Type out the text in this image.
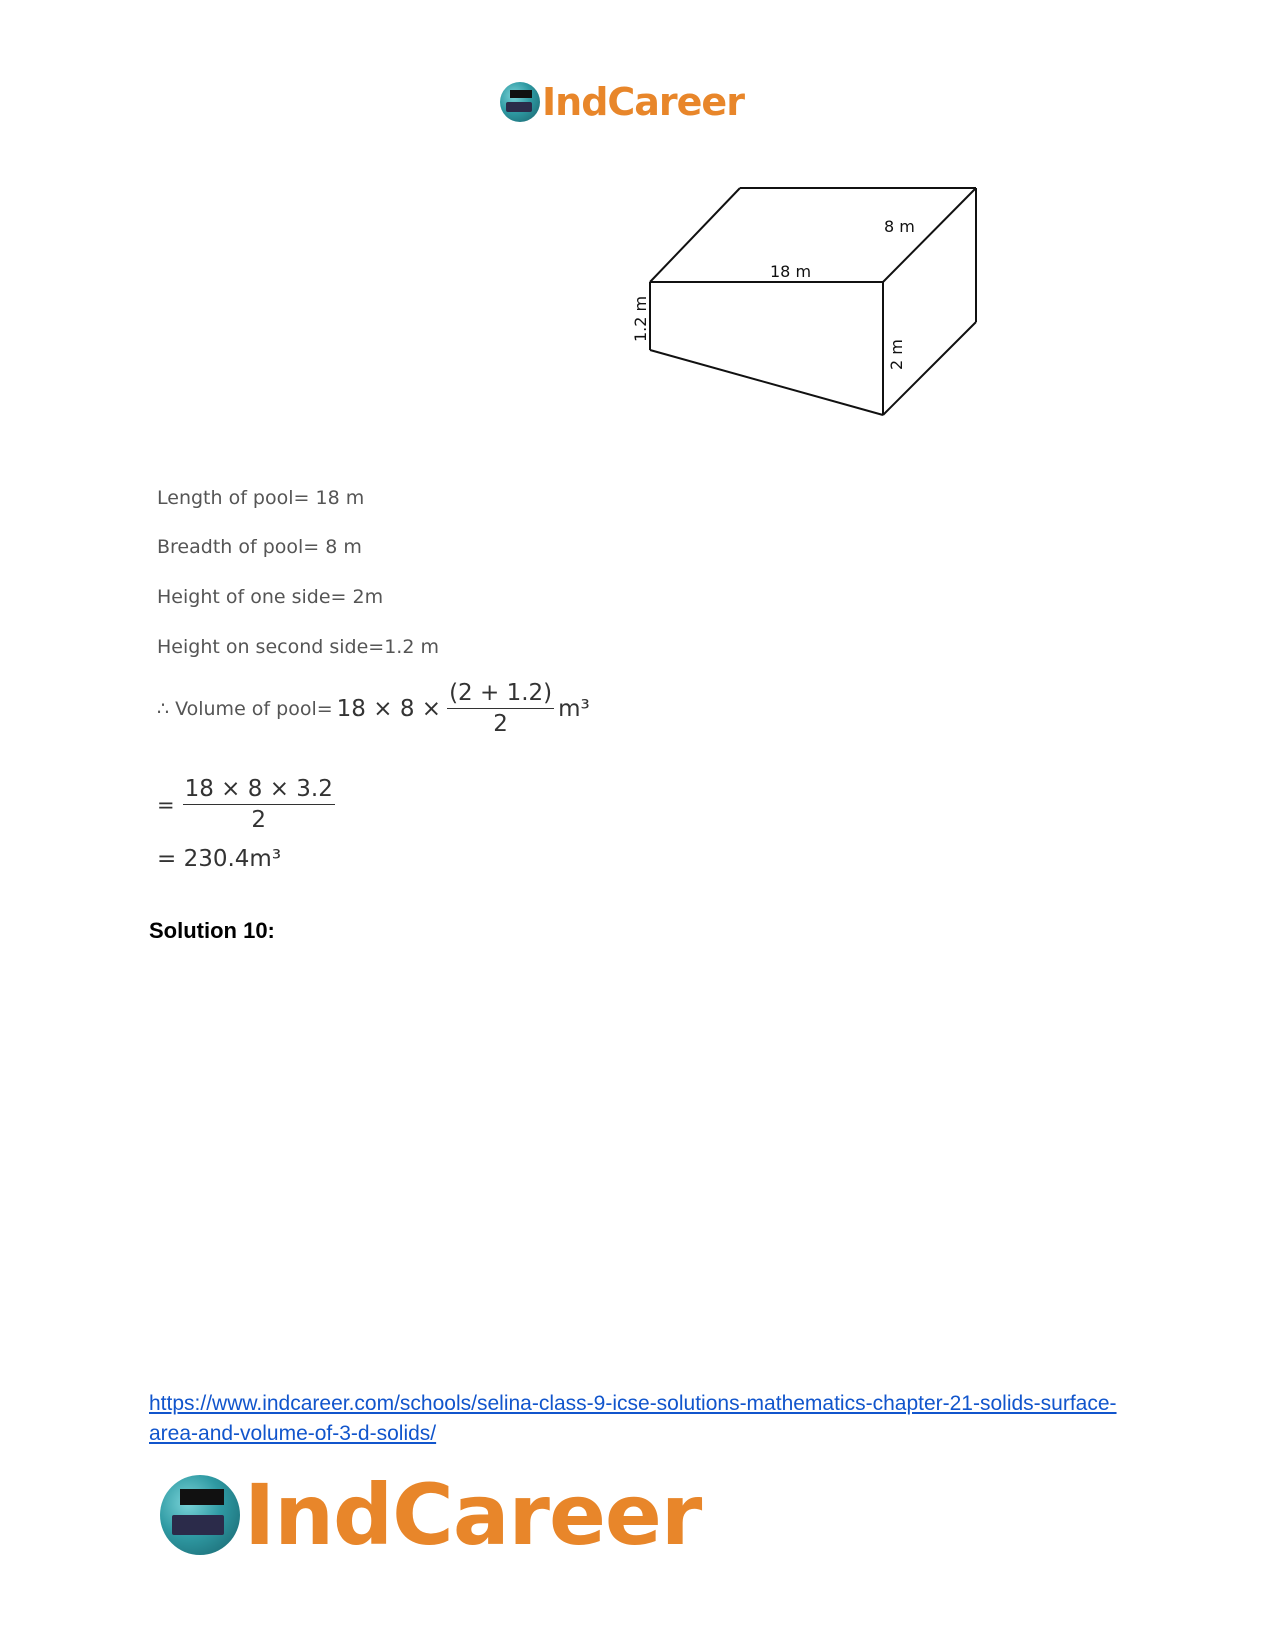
IndCareer
8 m
18 m
1.2 m
2 m
Length of pool= 18 m
Breadth of pool= 8 m
Height of one side= 2m
Height on second side=1.2 m
∴ Volume of pool= $18 \times 8 \times \frac{(2 + 1.2)}{2} m^3$
= $\frac{18 \times 8 \times 3.2}{2}$
= 230.4m³
Solution 10:
https://www.indcareer.com/schools/selina-class-9-icse-solutions-mathematics-chapter-21-solids-surface-area-and-volume-of-3-d-solids/
IndCareer
